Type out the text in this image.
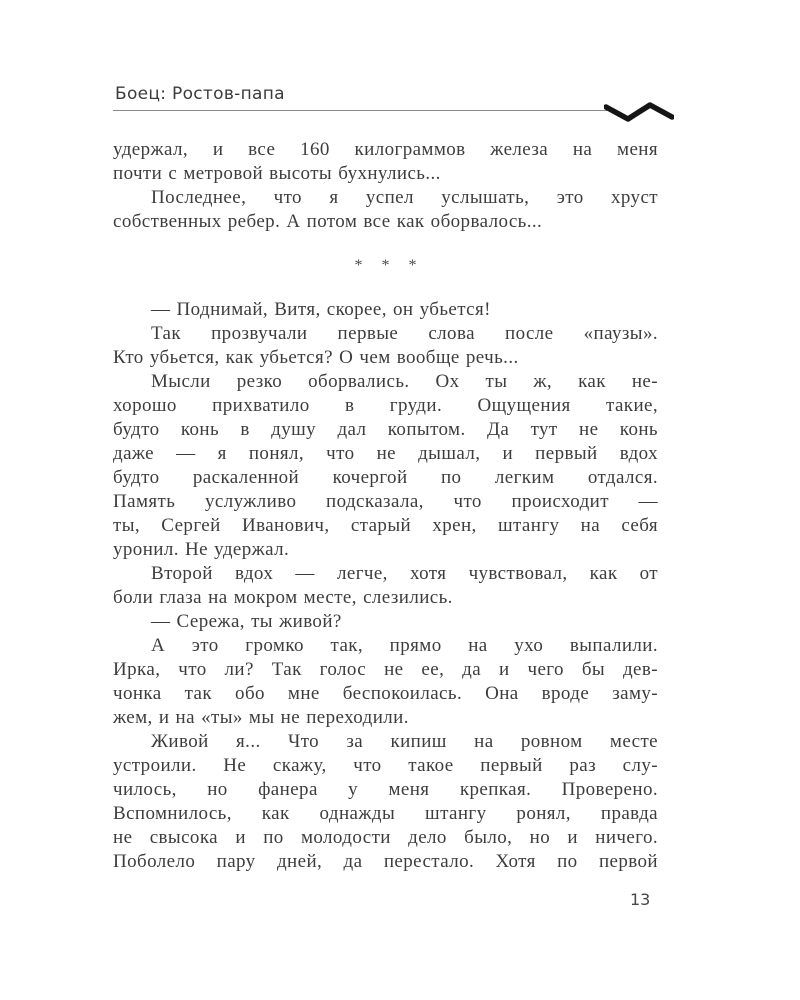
Боец: Ростов-папа
удержал, и все 160 килограммов железа на меня
почти с метровой высоты бухнулись...
Последнее, что я успел услышать, это хруст
собственных ребер. А потом все как оборвалось...
* * *
— Поднимай, Витя, скорее, он убьется!
Так прозвучали первые слова после «паузы».
Кто убьется, как убьется? О чем вообще речь...
Мысли резко оборвались. Ох ты ж, как не-
хорошо прихватило в груди. Ощущения такие,
будто конь в душу дал копытом. Да тут не конь
даже — я понял, что не дышал, и первый вдох
будто раскаленной кочергой по легким отдался.
Память услужливо подсказала, что происходит —
ты, Сергей Иванович, старый хрен, штангу на себя
уронил. Не удержал.
Второй вдох — легче, хотя чувствовал, как от
боли глаза на мокром месте, слезились.
— Сережа, ты живой?
А это громко так, прямо на ухо выпалили.
Ирка, что ли? Так голос не ее, да и чего бы дев-
чонка так обо мне беспокоилась. Она вроде заму-
жем, и на «ты» мы не переходили.
Живой я... Что за кипиш на ровном месте
устроили. Не скажу, что такое первый раз слу-
чилось, но фанера у меня крепкая. Проверено.
Вспомнилось, как однажды штангу ронял, правда
не свысока и по молодости дело было, но и ничего.
Поболело пару дней, да перестало. Хотя по первой
13
